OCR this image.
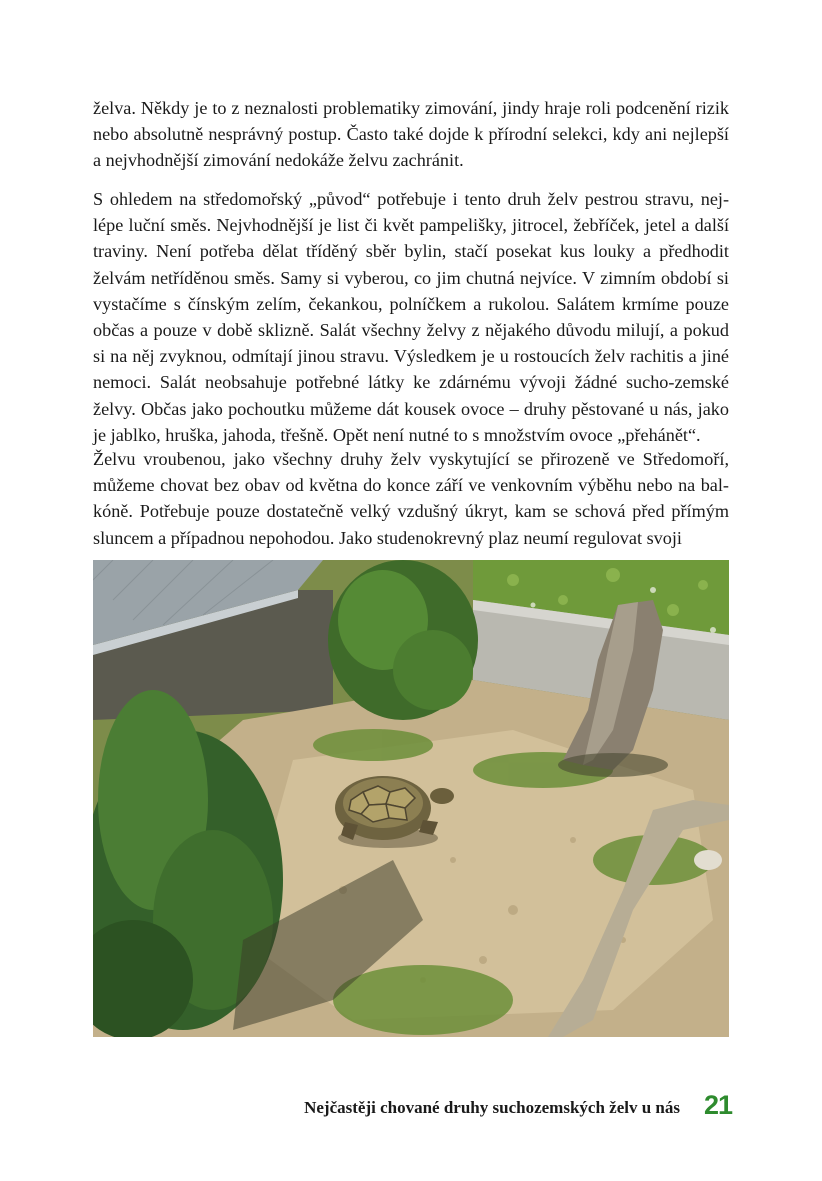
želva. Někdy je to z neznalosti problematiky zimování, jindy hraje roli podcenění rizik nebo absolutně nesprávný postup. Často také dojde k přírodní selekci, kdy ani nejlepší a nejvhodnější zimování nedokáže želvu zachránit.

S ohledem na středomořský „původ“ potřebuje i tento druh želv pestrou stravu, nej-lépe luční směs. Nejvhodnější je list či květ pampelišky, jitrocel, žebříček, jetel a další traviny. Není potřeba dělat tříděný sběr bylin, stačí posekat kus louky a předhodit želvám netříděnou směs. Samy si vyberou, co jim chutná nejvíce. V zimním období si vystačíme s čínským zelím, čekankou, polníčkem a rukolou. Salátem krmíme pouze občas a pouze v době sklizně. Salát všechny želvy z nějakého důvodu milují, a pokud si na něj zvyknou, odmítají jinou stravu. Výsledkem je u rostoucích želv rachitis a jiné nemoci. Salát neobsahuje potřebné látky ke zdárnému vývoji žádné sucho-zemské želvy. Občas jako pochoutku můžeme dát kousek ovoce – druhy pěstované u nás, jako je jablko, hruška, jahoda, třešně. Opět není nutné to s množstvím ovoce „přehánět“.

Želvu vroubenou, jako všechny druhy želv vyskytující se přirozeně ve Středomoří, můžeme chovat bez obav od května do konce září ve venkovním výběhu nebo na bal-kóně. Potřebuje pouze dostatečně velký vzdušný úkryt, kam se schová před přímým sluncem a případnou nepohodou. Jako studenokrevný plaz neumí regulovat svoji

Nejčastěji chované druhy suchozemských želv u nás 21
